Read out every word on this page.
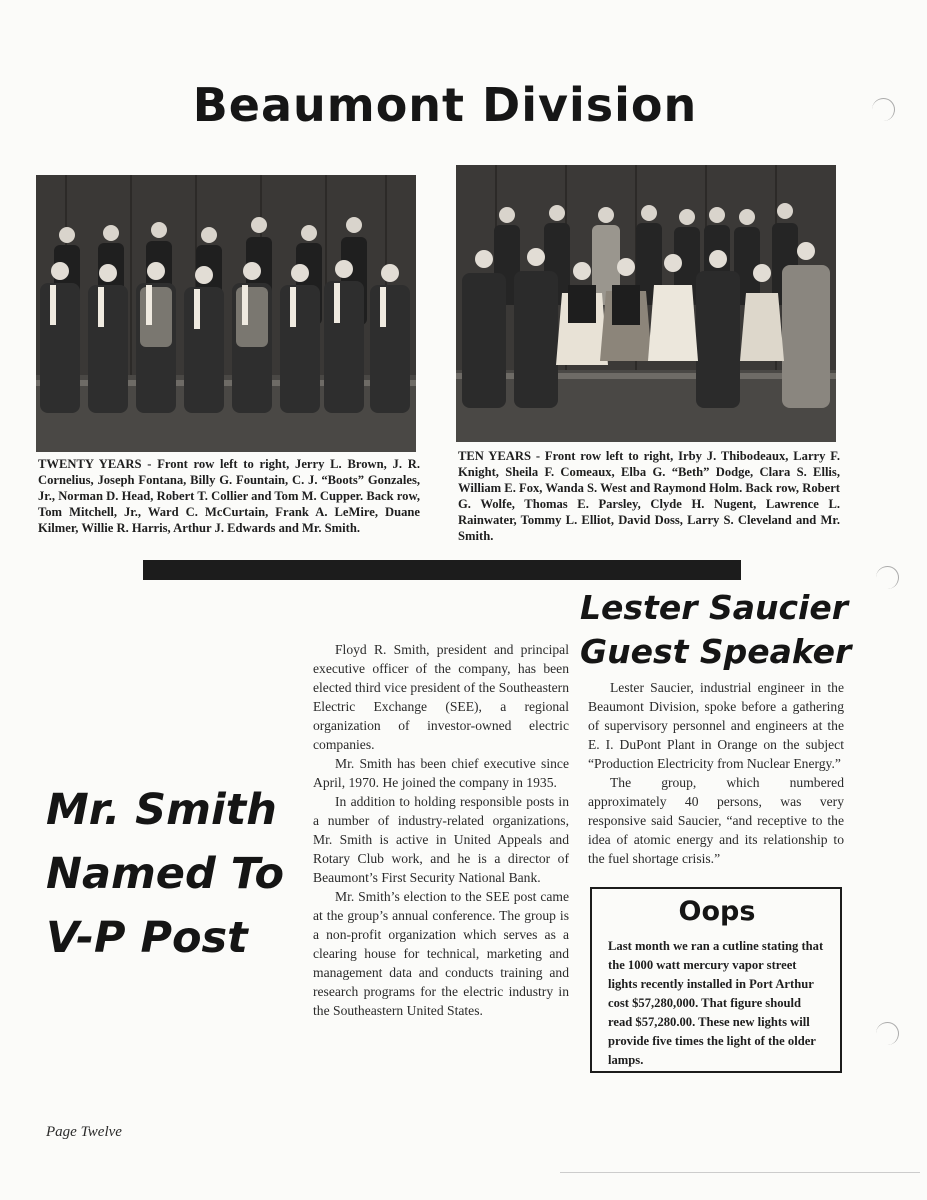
Beaumont Division
TWENTY YEARS - Front row left to right, Jerry L. Brown, J. R. Cornelius, Joseph Fontana, Billy G. Fountain, C. J. “Boots” Gonzales, Jr., Norman D. Head, Robert T. Collier and Tom M. Cupper. Back row, Tom Mitchell, Jr., Ward C. McCurtain, Frank A. LeMire, Duane Kilmer, Willie R. Harris, Arthur J. Edwards and Mr. Smith.
TEN YEARS - Front row left to right, Irby J. Thibodeaux, Larry F. Knight, Sheila F. Comeaux, Elba G. “Beth” Dodge, Clara S. Ellis, William E. Fox, Wanda S. West and Raymond Holm. Back row, Robert G. Wolfe, Thomas E. Parsley, Clyde H. Nugent, Lawrence L. Rainwater, Tommy L. Elliot, David Doss, Larry S. Cleveland and Mr. Smith.
Lester Saucier
Guest Speaker
Mr. Smith
Named To
V-P Post

Floyd R. Smith, president and principal executive officer of the company, has been elected third vice president of the Southeastern Electric Exchange (SEE), a regional organization of investor-owned electric companies.

Mr. Smith has been chief executive since April, 1970. He joined the company in 1935.

In addition to holding responsible posts in a number of industry-related organizations, Mr. Smith is active in United Appeals and Rotary Club work, and he is a director of Beaumont’s First Security National Bank.

Mr. Smith’s election to the SEE post came at the group’s annual conference. The group is a non-profit organization which serves as a clearing house for technical, marketing and management data and conducts training and research programs for the electric industry in the Southeastern United States.

Lester Saucier, industrial engineer in the Beaumont Division, spoke before a gathering of supervisory personnel and engineers at the E. I. DuPont Plant in Orange on the subject “Production Electricity from Nuclear Energy.”

The group, which numbered approximately 40 persons, was very responsive said Saucier, “and receptive to the idea of atomic energy and its relationship to the fuel shortage crisis.”

Oops
Last month we ran a cutline stating that the 1000 watt mercury vapor street lights recently installed in Port Arthur cost $57,280,000. That figure should read $57,280.00. These new lights will provide five times the light of the older lamps.
Page Twelve
